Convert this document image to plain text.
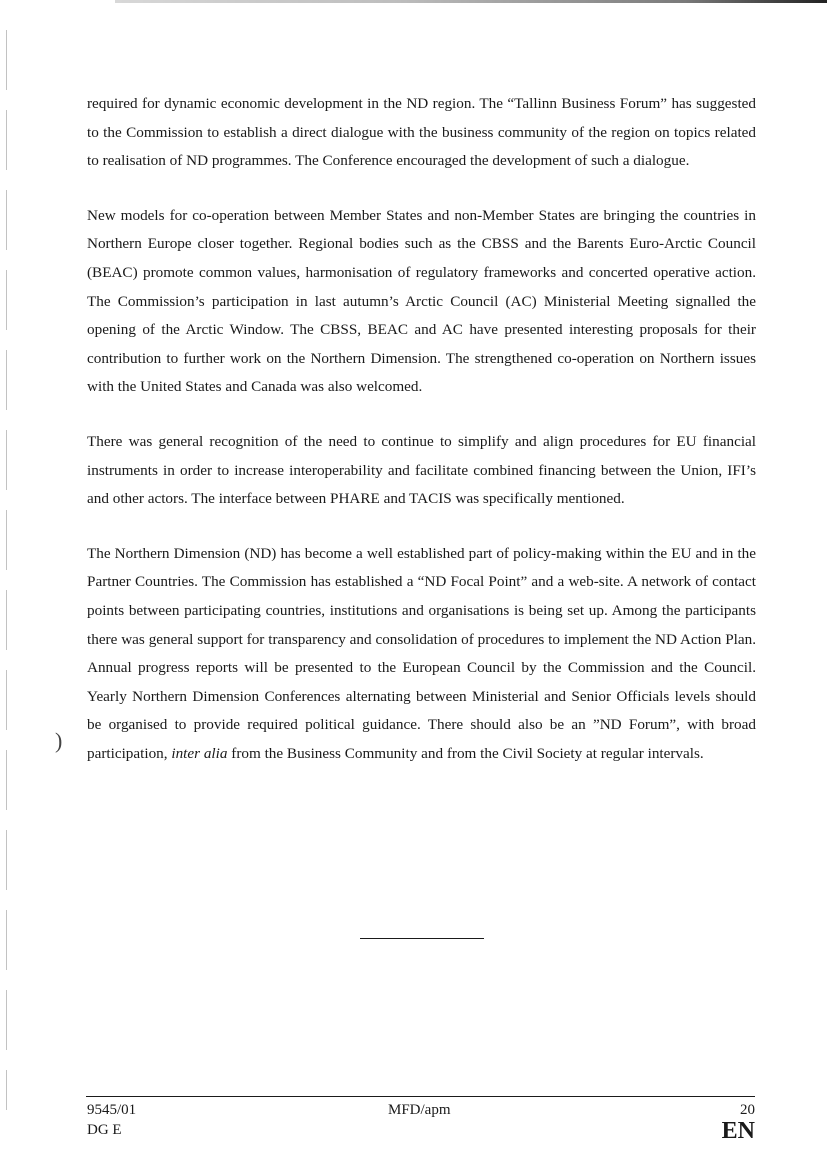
)

required for dynamic economic development in the ND region. The “Tallinn Business Forum” has suggested to the Commission to establish a direct dialogue with the business community of the region on topics related to realisation of ND programmes. The Conference encouraged the development of such a dialogue.

New models for co-operation between Member States and non-Member States are bringing the countries in Northern Europe closer together. Regional bodies such as the CBSS and the Barents Euro-Arctic Council (BEAC) promote common values, harmonisation of regulatory frameworks and concerted operative action. The Commission’s participation in last autumn’s Arctic Council (AC) Ministerial Meeting signalled the opening of the Arctic Window. The CBSS, BEAC and AC have presented interesting proposals for their contribution to further work on the Northern Dimension. The strengthened co-operation on Northern issues with the United States and Canada was also welcomed.

There was general recognition of the need to continue to simplify and align procedures for EU financial instruments in order to increase interoperability and facilitate combined financing between the Union, IFI’s and other actors. The interface between PHARE and TACIS was specifically mentioned.

The Northern Dimension (ND) has become a well established part of policy-making within the EU and in the Partner Countries. The Commission has established a “ND Focal Point” and a web-site. A network of contact points between participating countries, institutions and organisations is being set up. Among the participants there was general support for transparency and consolidation of procedures to implement the ND Action Plan. Annual progress reports will be presented to the European Council by the Commission and the Council. Yearly Northern Dimension Conferences alternating between Ministerial and Senior Officials levels should be organised to provide required political guidance. There should also be an ”ND Forum”, with broad participation, inter alia from the Business Community and from the Civil Society at regular intervals.

9545/01
DG E
MFD/apm	20
EN
